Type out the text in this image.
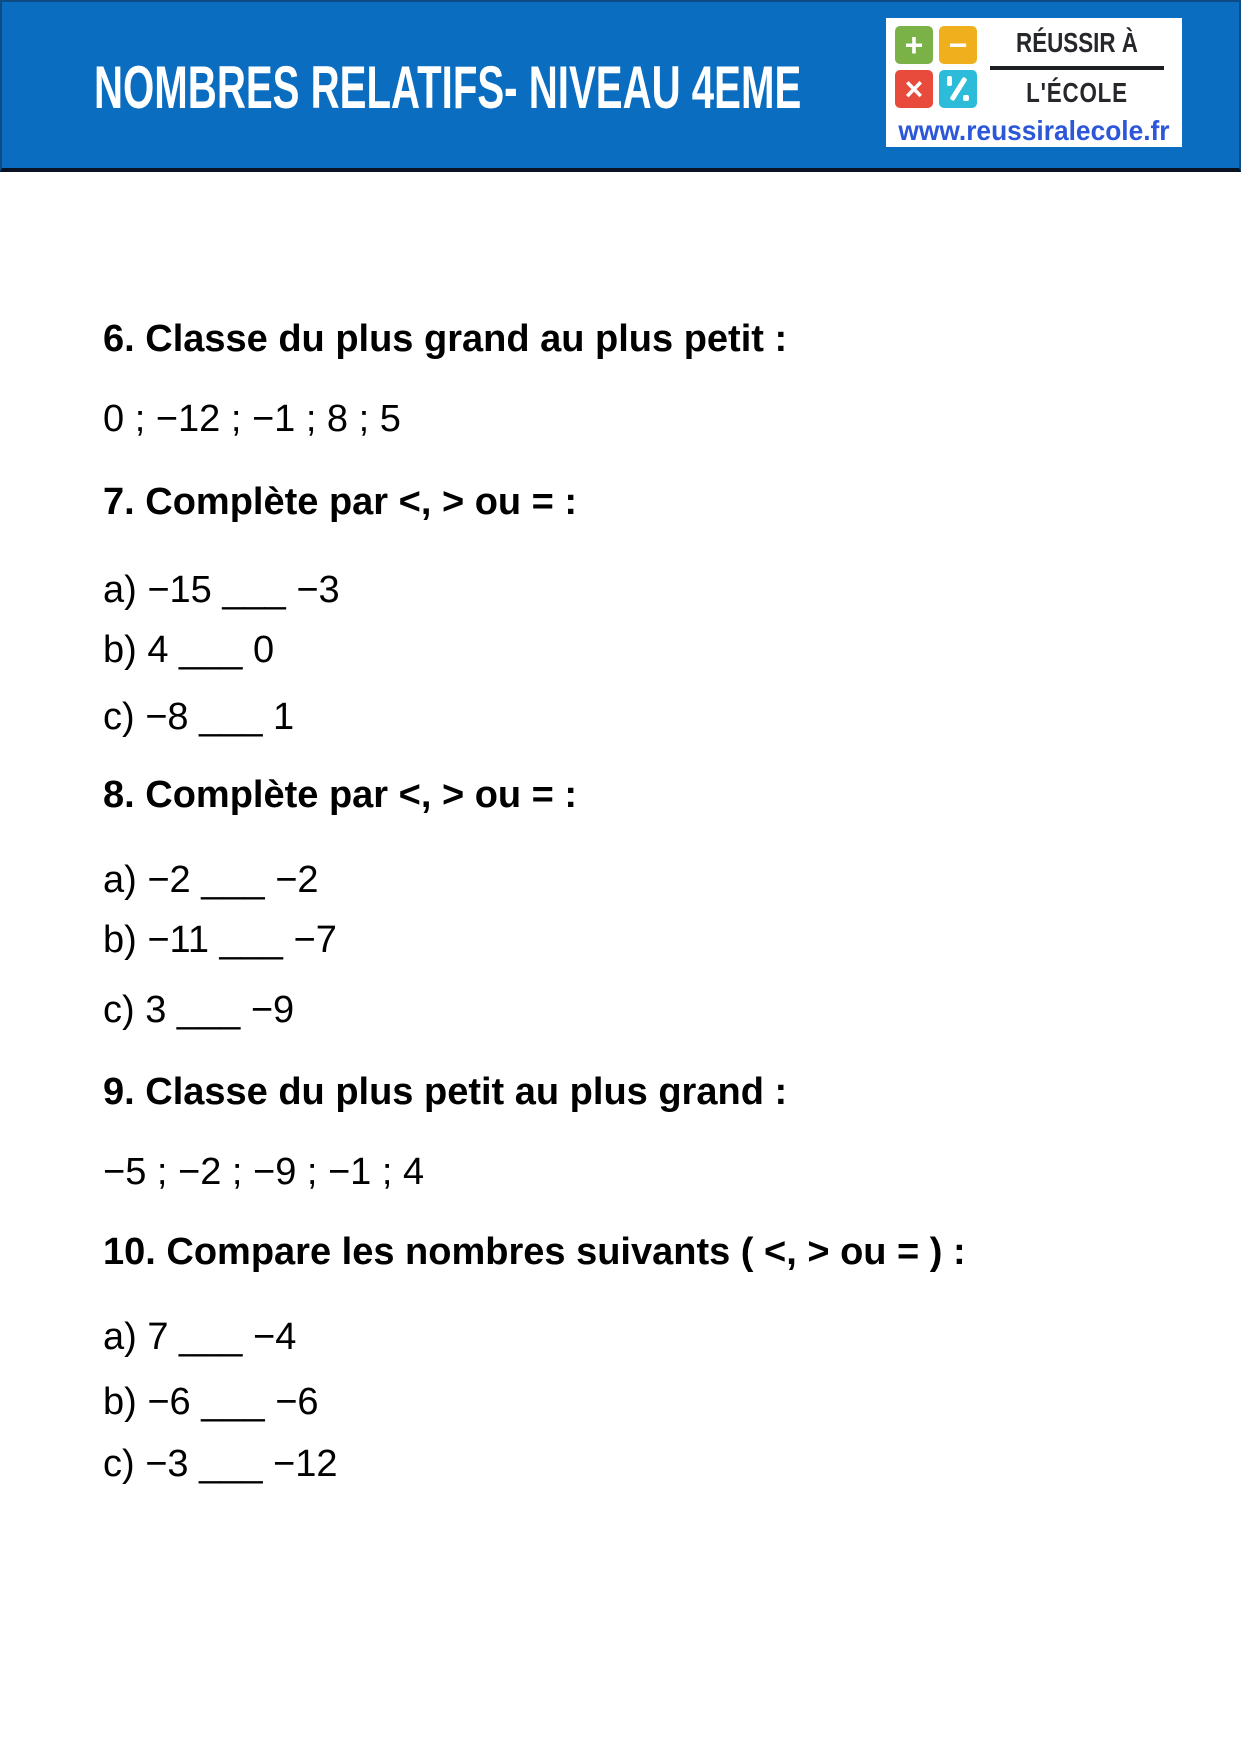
NOMBRES RELATIFS- NIVEAU 4EME
+ −
×
RÉUSSIR À
L'ÉCOLE
www.reussiralecole.fr
6. Classe du plus grand au plus petit :
0 ; −12 ; −1 ; 8 ; 5
7. Complète par <, > ou = :
a) −15 ___ −3
b) 4 ___ 0
c) −8 ___ 1
8. Complète par <, > ou = :
a) −2 ___ −2
b) −11 ___ −7
c) 3 ___ −9
9. Classe du plus petit au plus grand :
−5 ; −2 ; −9 ; −1 ; 4
10. Compare les nombres suivants ( <, > ou = ) :
a) 7 ___ −4
b) −6 ___ −6
c) −3 ___ −12
